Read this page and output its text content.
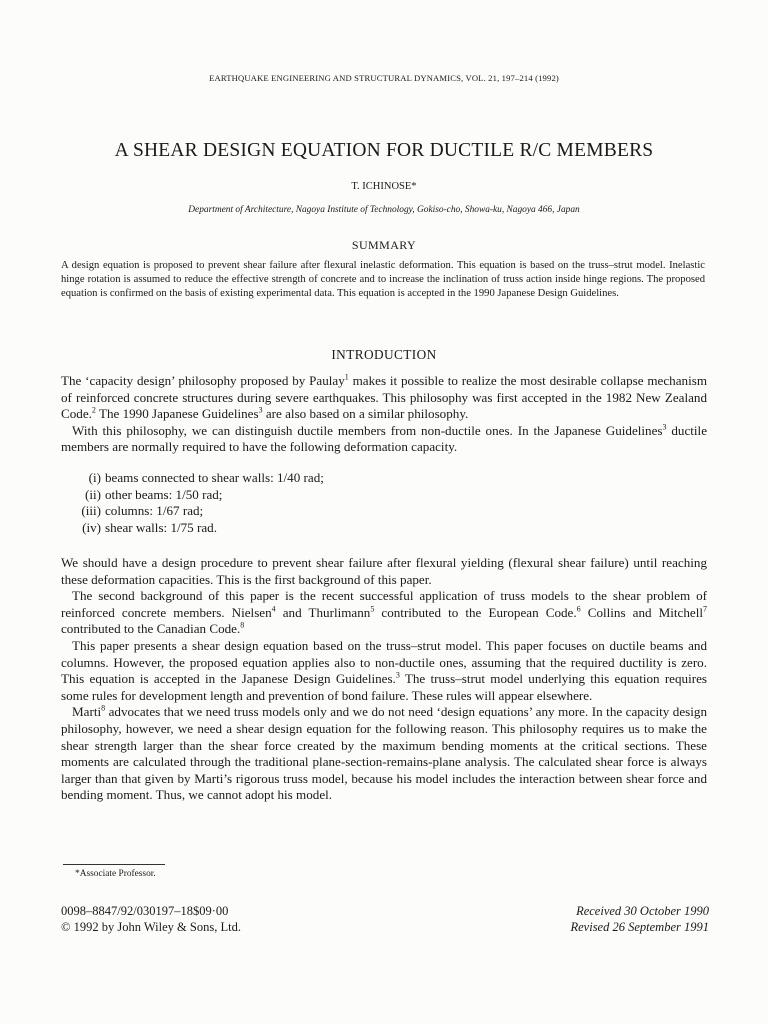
EARTHQUAKE ENGINEERING AND STRUCTURAL DYNAMICS, VOL. 21, 197–214 (1992)
A SHEAR DESIGN EQUATION FOR DUCTILE R/C MEMBERS
T. ICHINOSE*
Department of Architecture, Nagoya Institute of Technology, Gokiso-cho, Showa-ku, Nagoya 466, Japan
SUMMARY
A design equation is proposed to prevent shear failure after flexural inelastic deformation. This equation is based on the truss–strut model. Inelastic hinge rotation is assumed to reduce the effective strength of concrete and to increase the inclination of truss action inside hinge regions. The proposed equation is confirmed on the basis of existing experimental data. This equation is accepted in the 1990 Japanese Design Guidelines.
INTRODUCTION

The ‘capacity design’ philosophy proposed by Paulay$^1$ makes it possible to realize the most desirable collapse mechanism of reinforced concrete structures during severe earthquakes. This philosophy was first accepted in the 1982 New Zealand Code.$^2$ The 1990 Japanese Guidelines$^3$ are also based on a similar philosophy.

With this philosophy, we can distinguish ductile members from non-ductile ones. In the Japanese Guidelines$^3$ ductile members are normally required to have the following deformation capacity.

(i) beams connected to shear walls: 1/40 rad;
(ii) other beams: 1/50 rad;
(iii) columns: 1/67 rad;
(iv) shear walls: 1/75 rad.

We should have a design procedure to prevent shear failure after flexural yielding (flexural shear failure) until reaching these deformation capacities. This is the first background of this paper.

The second background of this paper is the recent successful application of truss models to the shear problem of reinforced concrete members. Nielsen$^4$ and Thurlimann$^5$ contributed to the European Code.$^6$ Collins and Mitchell$^7$ contributed to the Canadian Code.$^8$

This paper presents a shear design equation based on the truss–strut model. This paper focuses on ductile beams and columns. However, the proposed equation applies also to non-ductile ones, assuming that the required ductility is zero. This equation is accepted in the Japanese Design Guidelines.$^3$ The truss–strut model underlying this equation requires some rules for development length and prevention of bond failure. These rules will appear elsewhere.

Marti$^8$ advocates that we need truss models only and we do not need ‘design equations’ any more. In the capacity design philosophy, however, we need a shear design equation for the following reason. This philosophy requires us to make the shear strength larger than the shear force created by the maximum bending moments at the critical sections. These moments are calculated through the traditional plane-section-remains-plane analysis. The calculated shear force is always larger than that given by Marti’s rigorous truss model, because his model includes the interaction between shear force and bending moment. Thus, we cannot adopt his model.

*Associate Professor.
0098–8847/92/030197–18$09·00
© 1992 by John Wiley & Sons, Ltd.
Received 30 October 1990
Revised 26 September 1991
